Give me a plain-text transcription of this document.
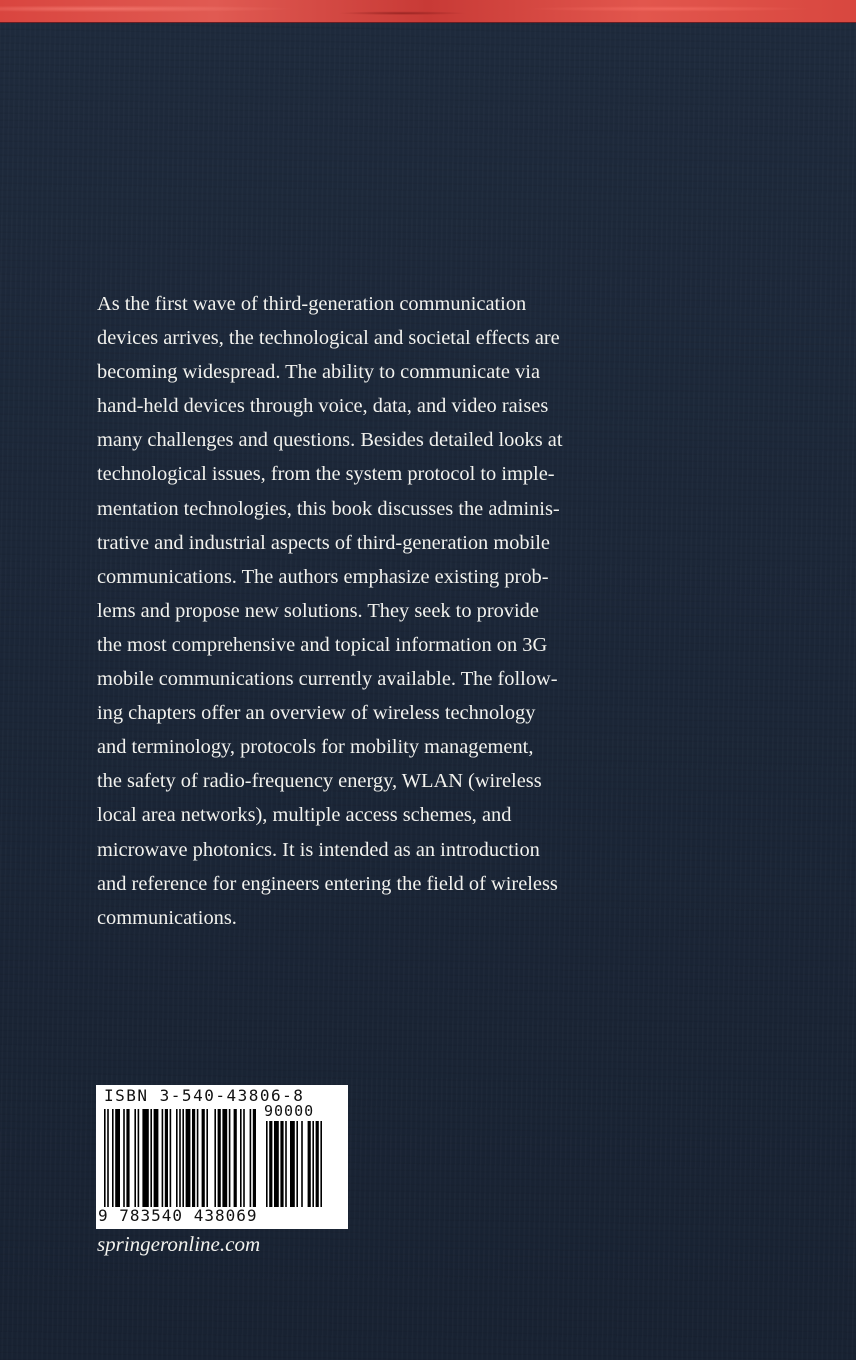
As the first wave of third-generation communication
devices arrives, the technological and societal effects are
becoming widespread. The ability to communicate via
hand-held devices through voice, data, and video raises
many challenges and questions. Besides detailed looks at
technological issues, from the system protocol to imple-
mentation technologies, this book discusses the adminis-
trative and industrial aspects of third-generation mobile
communications. The authors emphasize existing prob-
lems and propose new solutions. They seek to provide
the most comprehensive and topical information on 3G
mobile communications currently available. The follow-
ing chapters offer an overview of wireless technology
and terminology, protocols for mobility management,
the safety of radio-frequency energy, WLAN (wireless
local area networks), multiple access schemes, and
microwave photonics. It is intended as an introduction
and reference for engineers entering the field of wireless
communications.

ISBN 3-540-43806-8
90000
9 783540 438069
springeronline.com
